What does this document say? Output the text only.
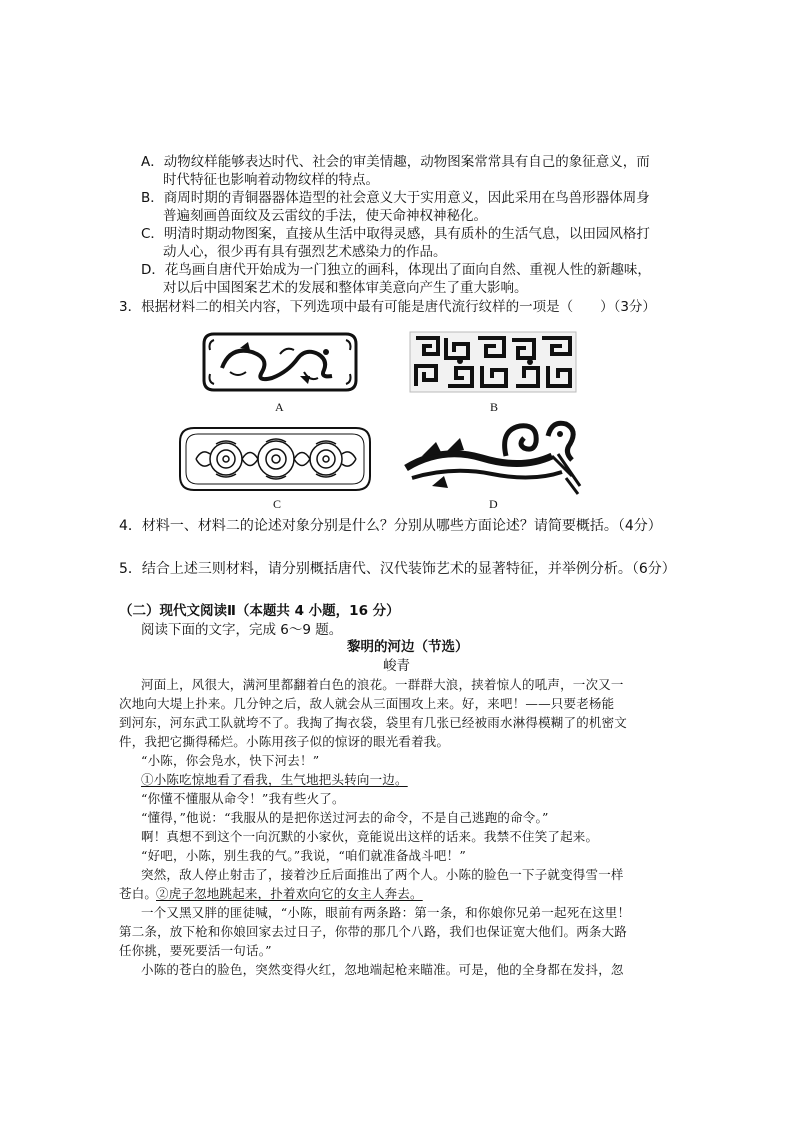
A．动物纹样能够表达时代、社会的审美情趣，动物图案常常具有自己的象征意义，而
时代特征也影响着动物纹样的特点。
B．商周时期的青铜器器体造型的社会意义大于实用意义，因此采用在鸟兽形器体周身
普遍刻画兽面纹及云雷纹的手法，使天命神权神秘化。
C．明清时期动物图案，直接从生活中取得灵感，具有质朴的生活气息，以田园风格打
动人心，很少再有具有强烈艺术感染力的作品。
D．花鸟画自唐代开始成为一门独立的画科，体现出了面向自然、重视人性的新趣味，
对以后中国图案艺术的发展和整体审美意向产生了重大影响。
3．根据材料二的相关内容，下列选项中最有可能是唐代流行纹样的一项是（　　）（3分）
A	B
C	D
4．材料一、材料二的论述对象分别是什么？分别从哪些方面论述？请简要概括。（4分）
5．结合上述三则材料，请分别概括唐代、汉代装饰艺术的显著特征，并举例分析。（6分）
（二）现代文阅读Ⅱ（本题共 4 小题，16 分）
阅读下面的文字，完成 6～9 题。
黎明的河边（节选）
峻青
河面上，风很大，满河里都翻着白色的浪花。一群群大浪，挟着惊人的吼声，一次又一
次地向大堤上扑来。几分钟之后，敌人就会从三面围攻上来。好，来吧！——只要老杨能
到河东，河东武工队就垮不了。我掏了掏衣袋，袋里有几张已经被雨水淋得模糊了的机密文
件，我把它撕得稀烂。小陈用孩子似的惊讶的眼光看着我。
“小陈，你会凫水，快下河去！”
①小陈吃惊地看了看我，生气地把头转向一边。
“你懂不懂服从命令！”我有些火了。
“懂得，”他说：“我服从的是把你送过河去的命令，不是自己逃跑的命令。”
啊！真想不到这个一向沉默的小家伙，竟能说出这样的话来。我禁不住笑了起来。
“好吧，小陈，别生我的气。”我说，“咱们就准备战斗吧！”
突然，敌人停止射击了，接着沙丘后面推出了两个人。小陈的脸色一下子就变得雪一样
苍白。
②虎子忽地跳起来，扑着欢向它的女主人奔去。
一个又黑又胖的匪徒喊，“小陈，眼前有两条路：第一条，和你娘你兄弟一起死在这里！
第二条，放下枪和你娘回家去过日子，你带的那几个八路，我们也保证宽大他们。两条大路
任你挑，要死要活一句话。”
小陈的苍白的脸色，突然变得火红，忽地端起枪来瞄准。可是，他的全身都在发抖，忽
